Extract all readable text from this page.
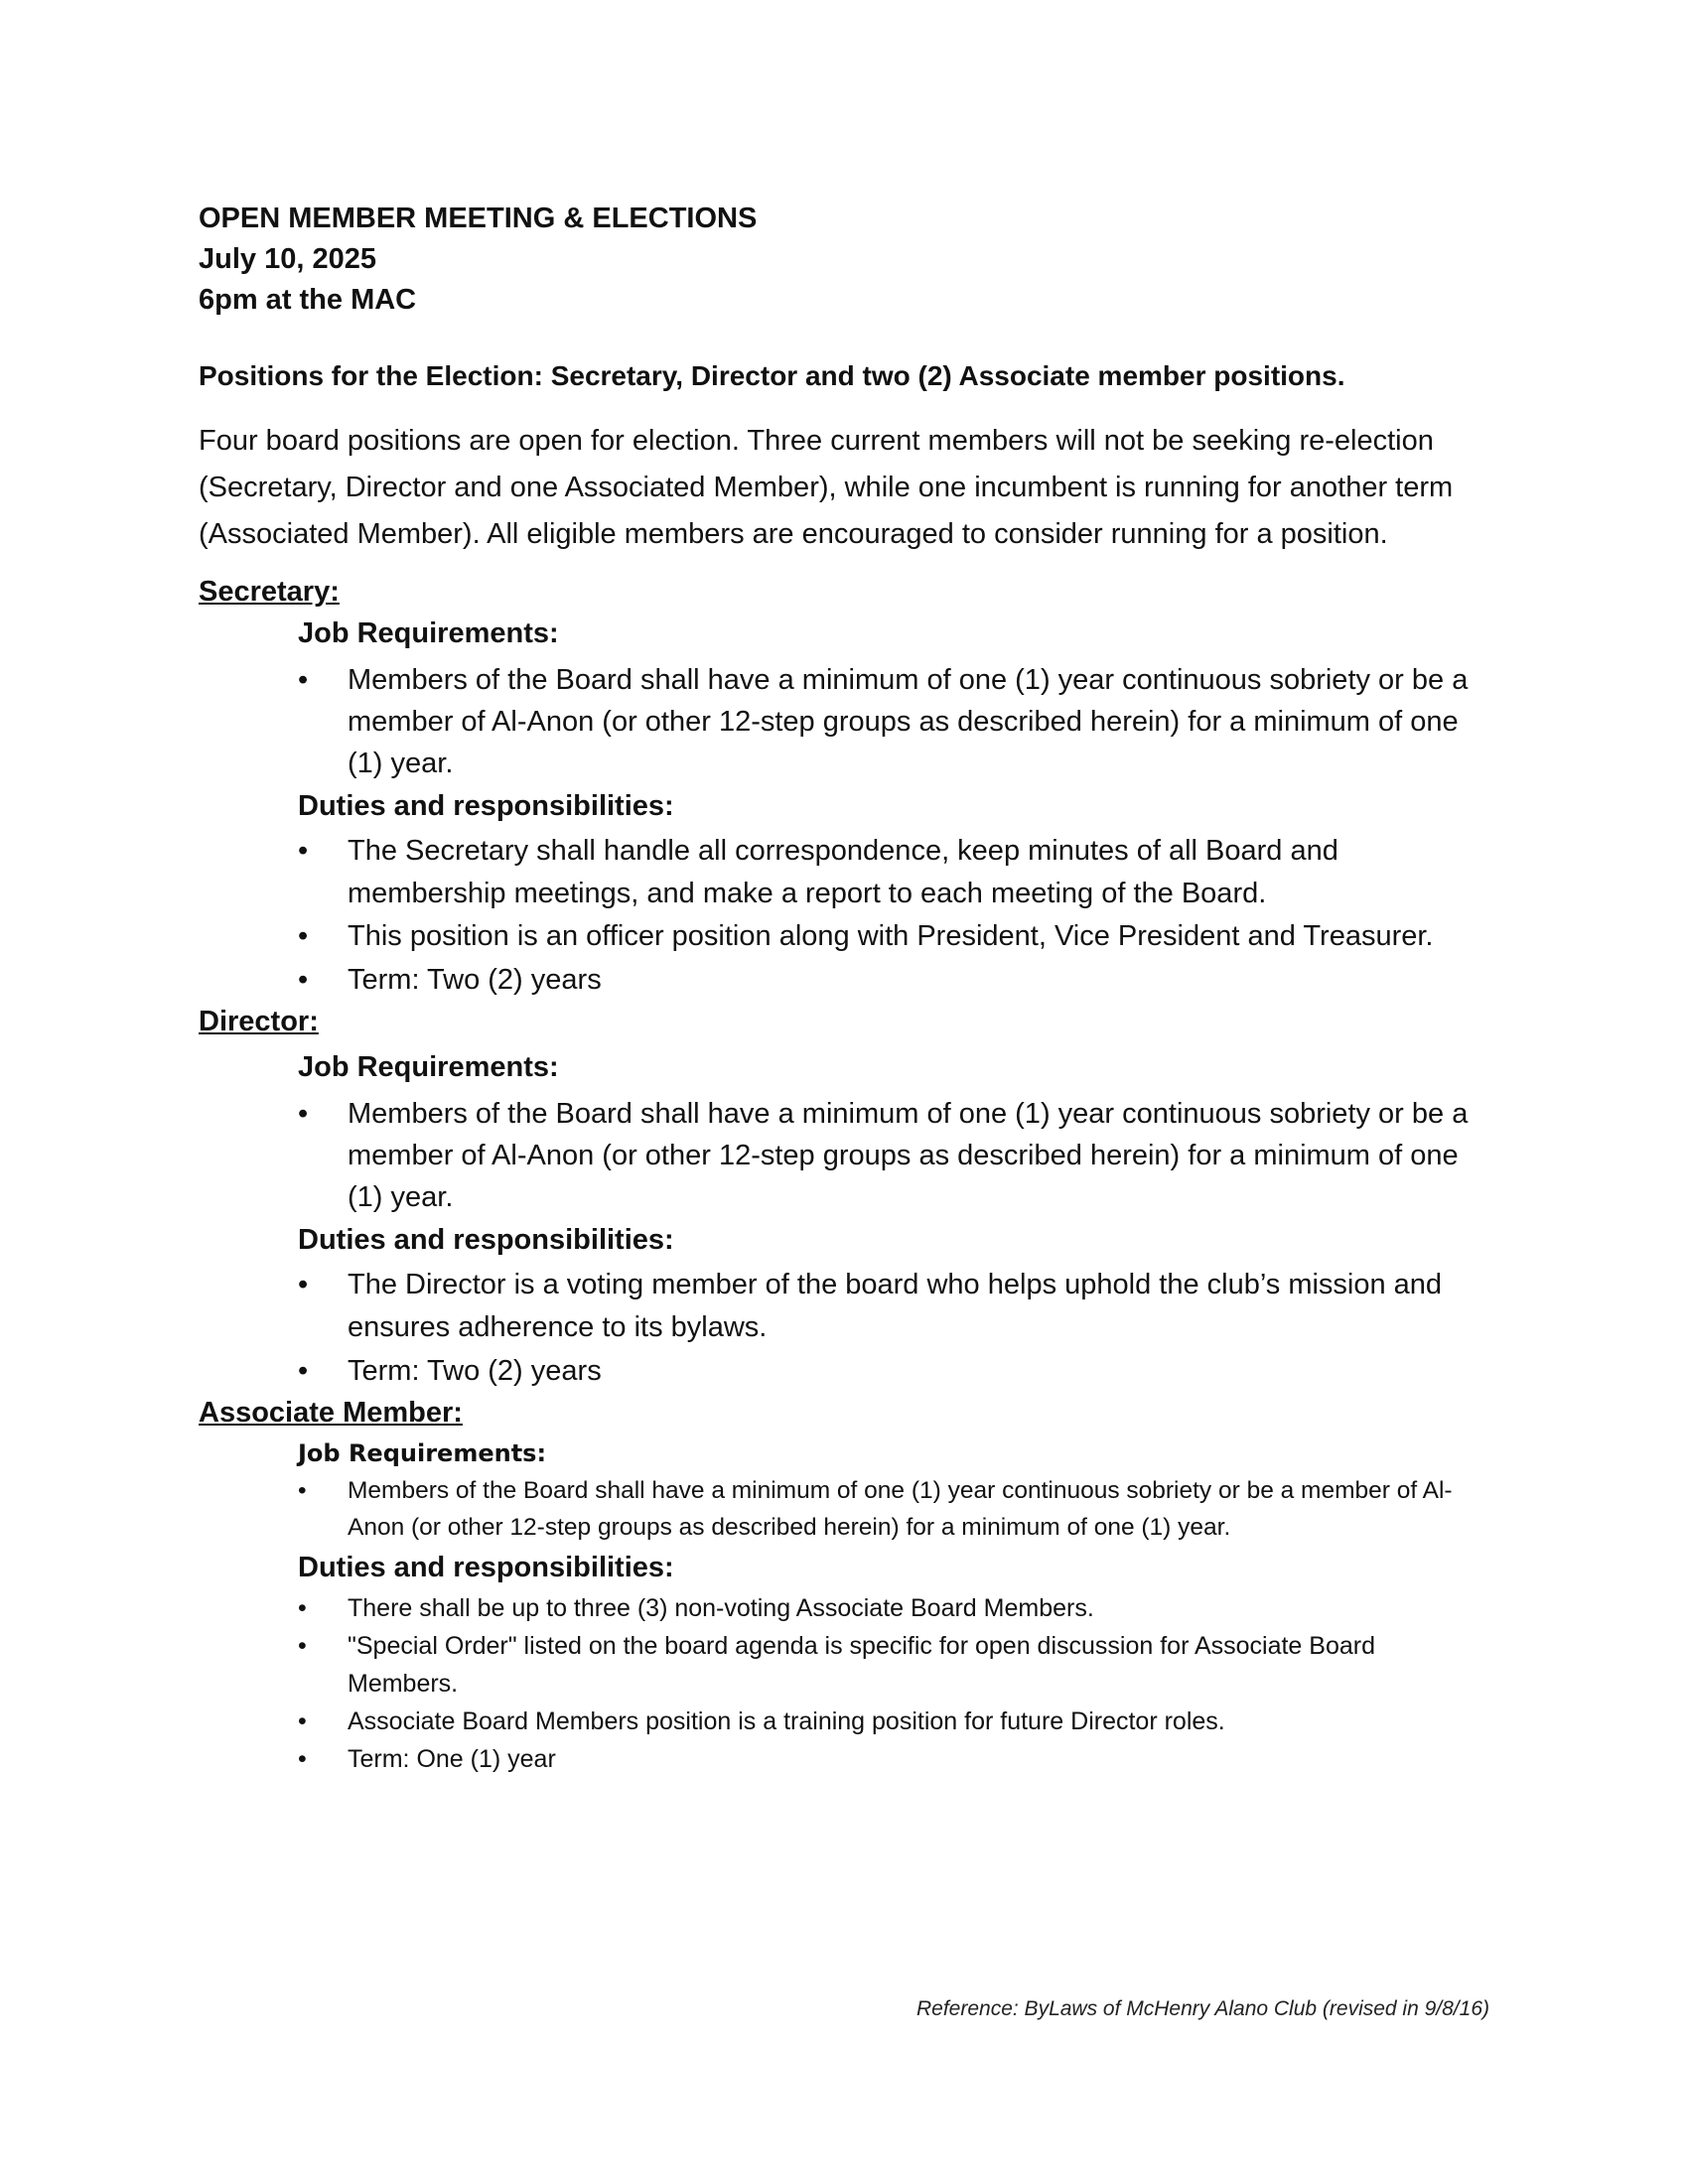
OPEN MEMBER MEETING & ELECTIONS
July 10, 2025
6pm at the MAC
Positions for the Election: Secretary, Director and two (2) Associate member positions.
Four board positions are open for election. Three current members will not be seeking re-election (Secretary, Director and one Associated Member), while one incumbent is running for another term (Associated Member). All eligible members are encouraged to consider running for a position.
Secretary:
Job Requirements:
• Members of the Board shall have a minimum of one (1) year continuous sobriety or be a member of Al-Anon (or other 12-step groups as described herein) for a minimum of one (1) year.
Duties and responsibilities:
• The Secretary shall handle all correspondence, keep minutes of all Board and membership meetings, and make a report to each meeting of the Board.
• This position is an officer position along with President, Vice President and Treasurer.
• Term: Two (2) years
Director:
Job Requirements:
• Members of the Board shall have a minimum of one (1) year continuous sobriety or be a member of Al-Anon (or other 12-step groups as described herein) for a minimum of one (1) year.
Duties and responsibilities:
• The Director is a voting member of the board who helps uphold the club’s mission and ensures adherence to its bylaws.
• Term: Two (2) years
Associate Member:
Job Requirements:
• Members of the Board shall have a minimum of one (1) year continuous sobriety or be a member of Al-Anon (or other 12-step groups as described herein) for a minimum of one (1) year.
Duties and responsibilities:
• There shall be up to three (3) non-voting Associate Board Members.
• "Special Order" listed on the board agenda is specific for open discussion for Associate Board Members.
• Associate Board Members position is a training position for future Director roles.
• Term: One (1) year
Reference: ByLaws of McHenry Alano Club (revised in 9/8/16)
